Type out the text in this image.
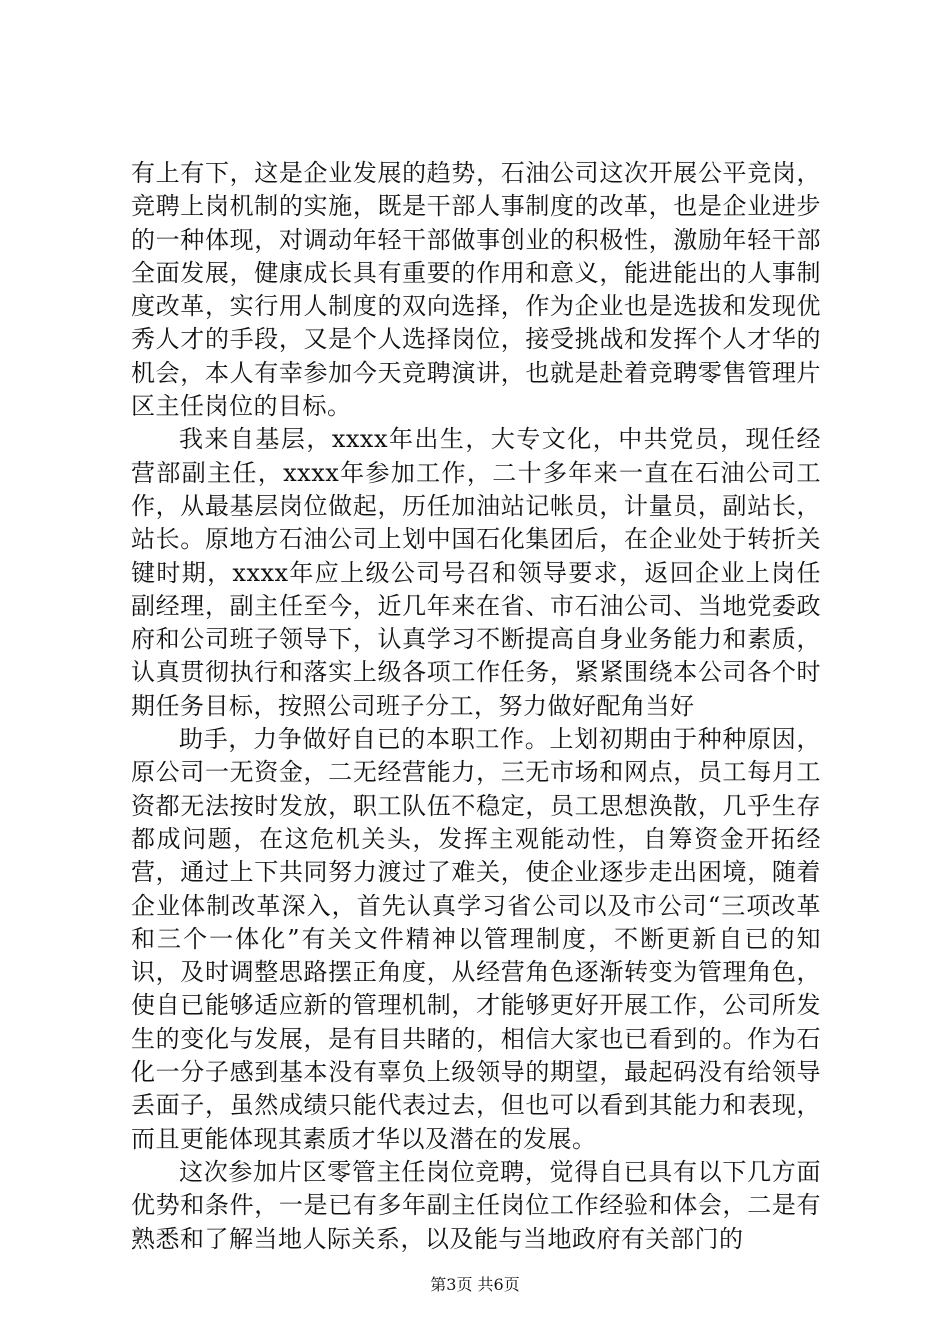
有上有下，这是企业发展的趋势，石油公司这次开展公平竞岗，竞聘上岗机制的实施，既是干部人事制度的改革，也是企业进步的一种体现，对调动年轻干部做事创业的积极性，激励年轻干部全面发展，健康成长具有重要的作用和意义，能进能出的人事制度改革，实行用人制度的双向选择，作为企业也是选拔和发现优秀人才的手段，又是个人选择岗位，接受挑战和发挥个人才华的机会，本人有幸参加今天竞聘演讲，也就是赴着竞聘零售管理片区主任岗位的目标。

我来自基层，xxxx年出生，大专文化，中共党员，现任经营部副主任，xxxx年参加工作，二十多年来一直在石油公司工作，从最基层岗位做起，历任加油站记帐员，计量员，副站长，站长。原地方石油公司上划中国石化集团后，在企业处于转折关键时期，xxxx年应上级公司号召和领导要求，返回企业上岗任副经理，副主任至今，近几年来在省、市石油公司、当地党委政府和公司班子领导下，认真学习不断提高自身业务能力和素质，认真贯彻执行和落实上级各项工作任务，紧紧围绕本公司各个时期任务目标，按照公司班子分工，努力做好配角当好

助手，力争做好自已的本职工作。上划初期由于种种原因，原公司一无资金，二无经营能力，三无市场和网点，员工每月工资都无法按时发放，职工队伍不稳定，员工思想涣散，几乎生存都成问题，在这危机关头，发挥主观能动性，自筹资金开拓经营，通过上下共同努力渡过了难关，使企业逐步走出困境，随着企业体制改革深入，首先认真学习省公司以及市公司“三项改革和三个一体化”有关文件精神以管理制度，不断更新自已的知识，及时调整思路摆正角度，从经营角色逐渐转变为管理角色，使自已能够适应新的管理机制，才能够更好开展工作，公司所发生的变化与发展，是有目共睹的，相信大家也已看到的。作为石化一分子感到基本没有辜负上级领导的期望，最起码没有给领导丢面子，虽然成绩只能代表过去，但也可以看到其能力和表现，而且更能体现其素质才华以及潜在的发展。

这次参加片区零管主任岗位竞聘，觉得自已具有以下几方面优势和条件，一是已有多年副主任岗位工作经验和体会，二是有熟悉和了解当地人际关系，以及能与当地政府有关部门的

第3页 共6页
